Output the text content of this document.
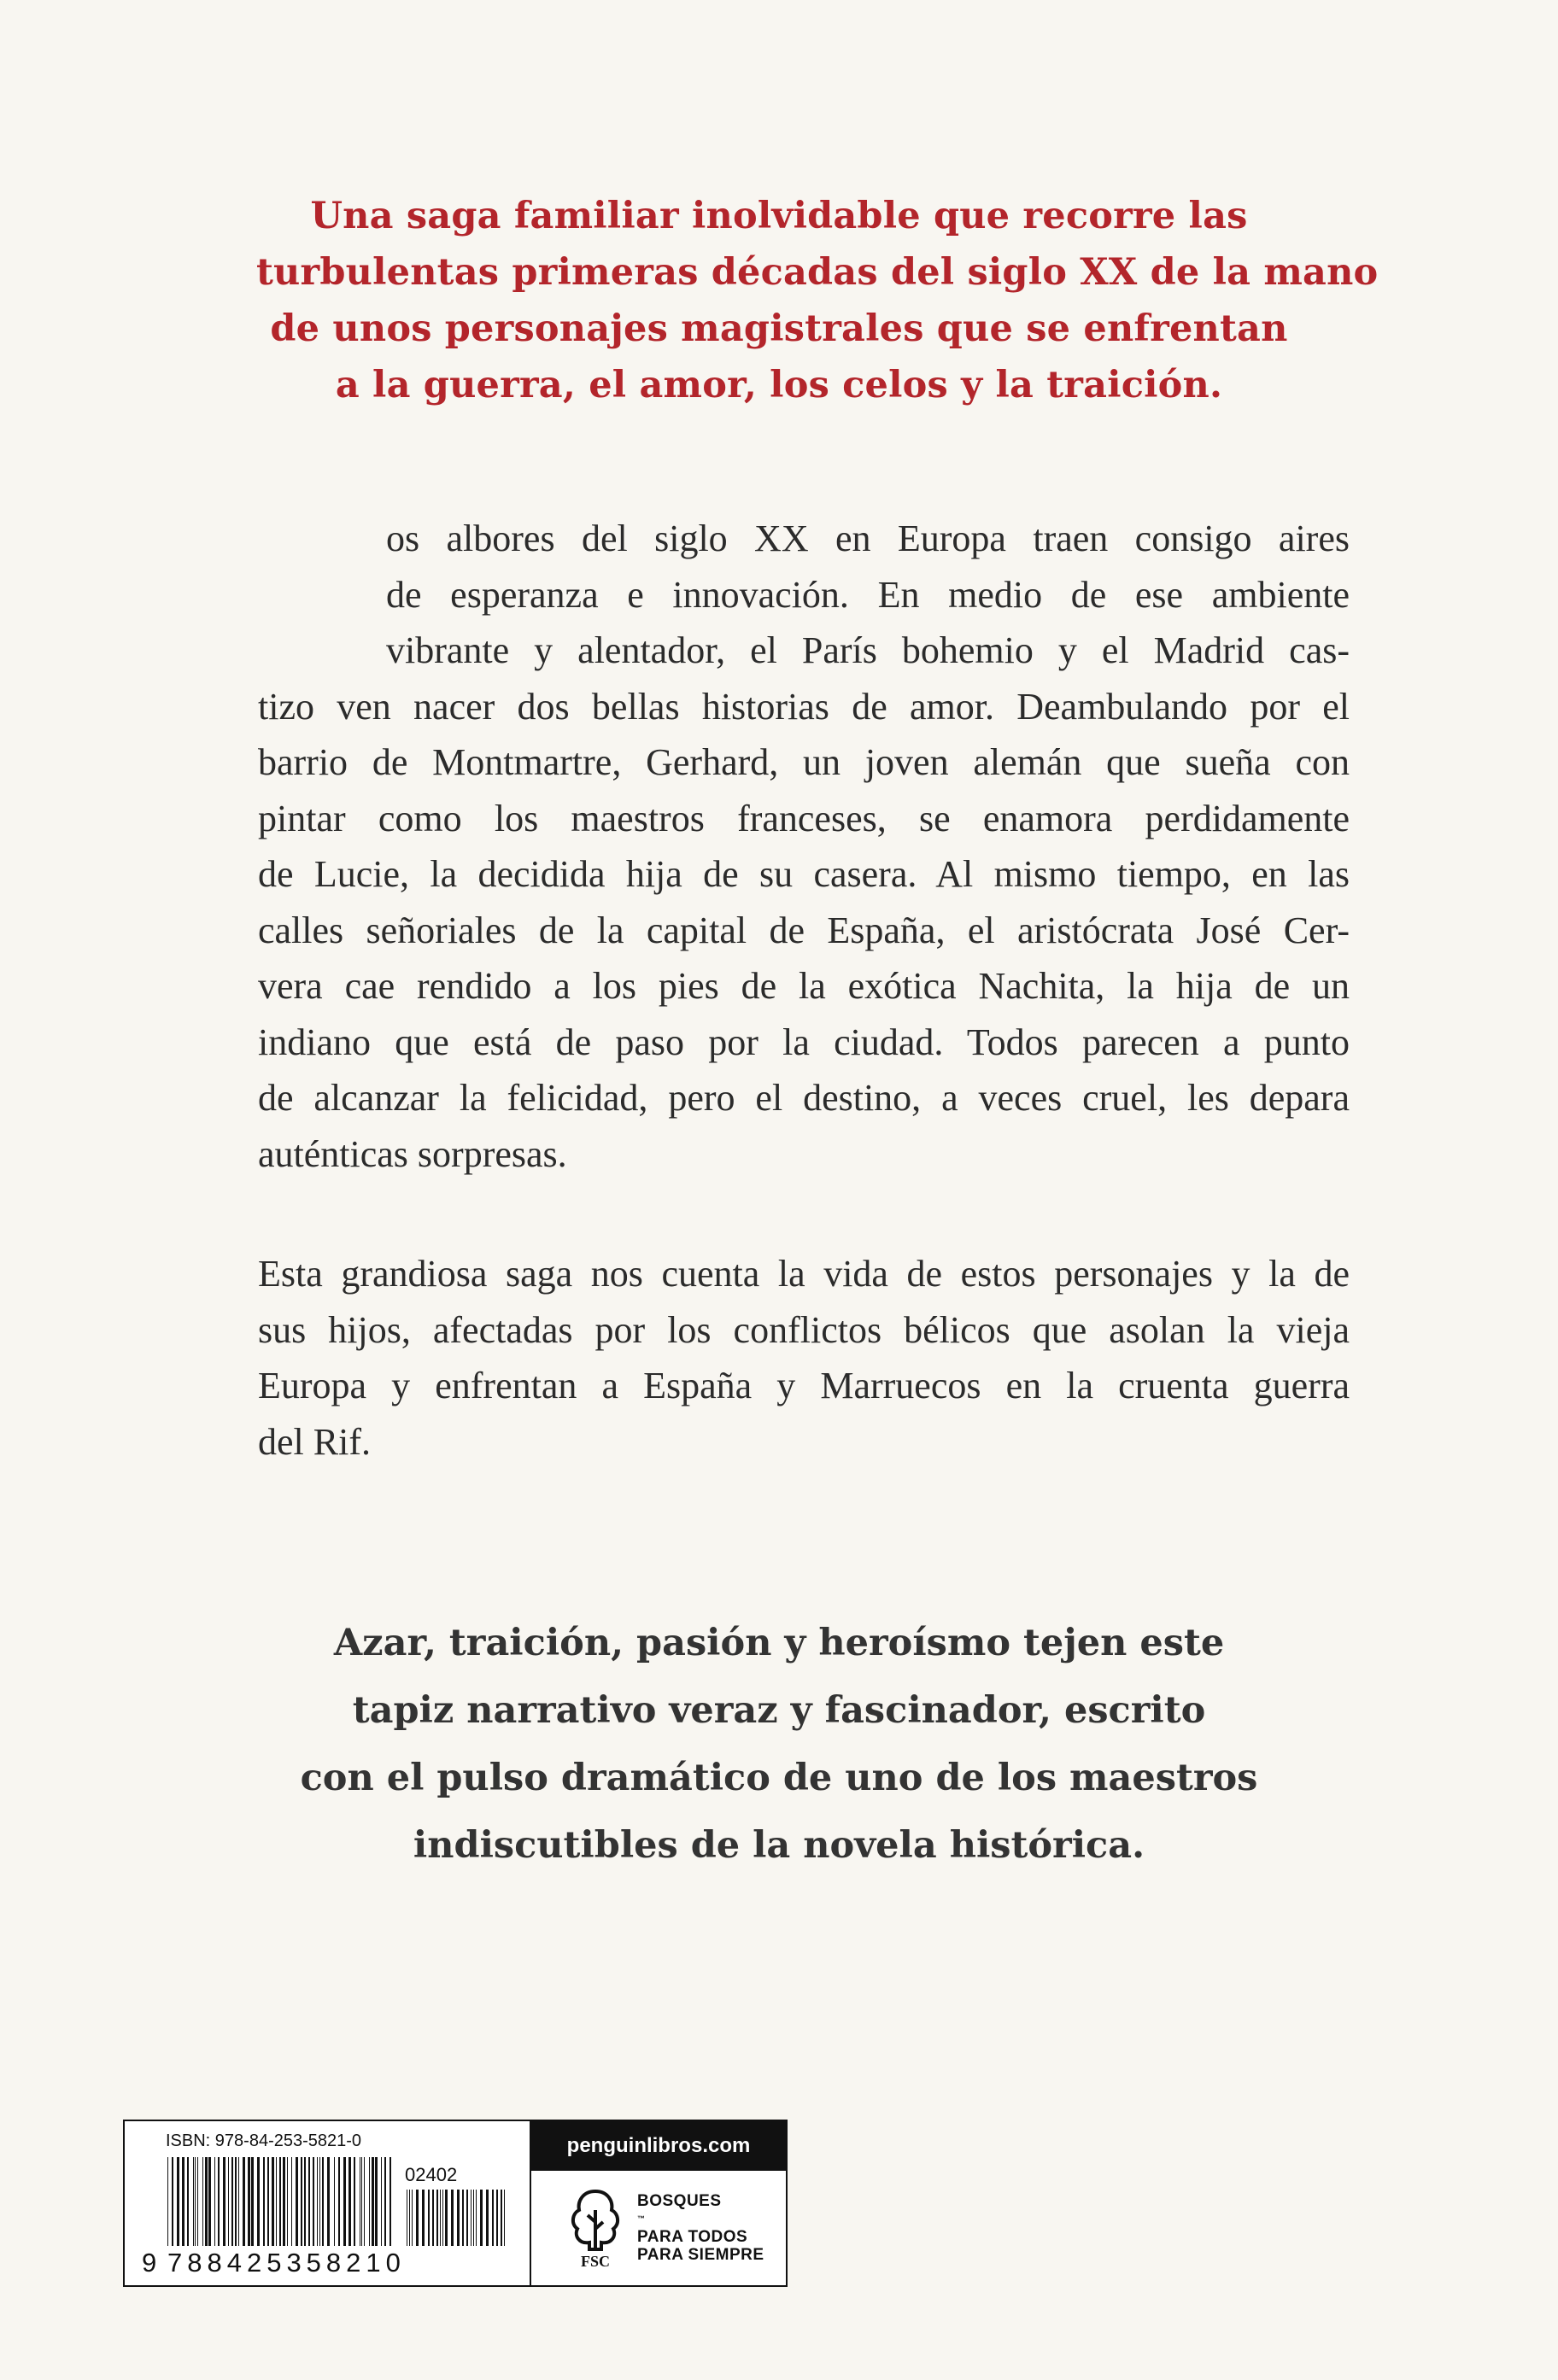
Una saga familiar inolvidable que recorre las
turbulentas primeras décadas del siglo XX de la mano
de unos personajes magistrales que se enfrentan
a la guerra, el amor, los celos y la traición.
os albores del siglo XX en Europa traen consigo aires
de esperanza e innovación. En medio de ese ambiente
vibrante y alentador, el París bohemio y el Madrid cas-
tizo ven nacer dos bellas historias de amor. Deambulando por el
barrio de Montmartre, Gerhard, un joven alemán que sueña con
pintar como los maestros franceses, se enamora perdidamente
de Lucie, la decidida hija de su casera. Al mismo tiempo, en las
calles señoriales de la capital de España, el aristócrata José Cer-
vera cae rendido a los pies de la exótica Nachita, la hija de un
indiano que está de paso por la ciudad. Todos parecen a punto
de alcanzar la felicidad, pero el destino, a veces cruel, les depara
auténticas sorpresas.
Esta grandiosa saga nos cuenta la vida de estos personajes y la de
sus hijos, afectadas por los conflictos bélicos que asolan la vieja
Europa y enfrentan a España y Marruecos en la cruenta guerra
del Rif.
Azar, traición, pasión y heroísmo tejen este
tapiz narrativo veraz y fascinador, escrito
con el pulso dramático de uno de los maestros
indiscutibles de la novela histórica.
ISBN: 978-84-253-5821-0
02402
9 788425358210
penguinlibros.com
FSC
BOSQUES
™
PARA TODOS
PARA SIEMPRE
